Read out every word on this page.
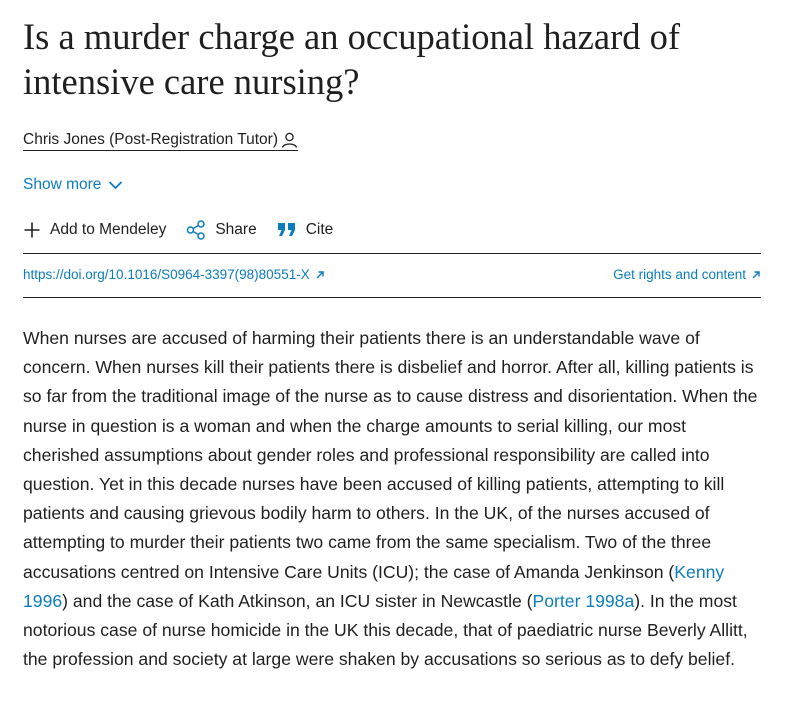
Is a murder charge an occupational hazard of intensive care nursing?
Chris Jones (Post-Registration Tutor)
Show more
Add to Mendeley	Share	Cite
https://doi.org/10.1016/S0964-3397(98)80551-X	Get rights and content
When nurses are accused of harming their patients there is an understandable wave of concern. When nurses kill their patients there is disbelief and horror. After all, killing patients is so far from the traditional image of the nurse as to cause distress and disorientation. When the nurse in question is a woman and when the charge amounts to serial killing, our most cherished assumptions about gender roles and professional responsibility are called into question. Yet in this decade nurses have been accused of killing patients, attempting to kill patients and causing grievous bodily harm to others. In the UK, of the nurses accused of attempting to murder their patients two came from the same specialism. Two of the three accusations centred on Intensive Care Units (ICU); the case of Amanda Jenkinson (Kenny 1996) and the case of Kath Atkinson, an ICU sister in Newcastle (Porter 1998a). In the most notorious case of nurse homicide in the UK this decade, that of paediatric nurse Beverly Allitt, the profession and society at large were shaken by accusations so serious as to defy belief.
